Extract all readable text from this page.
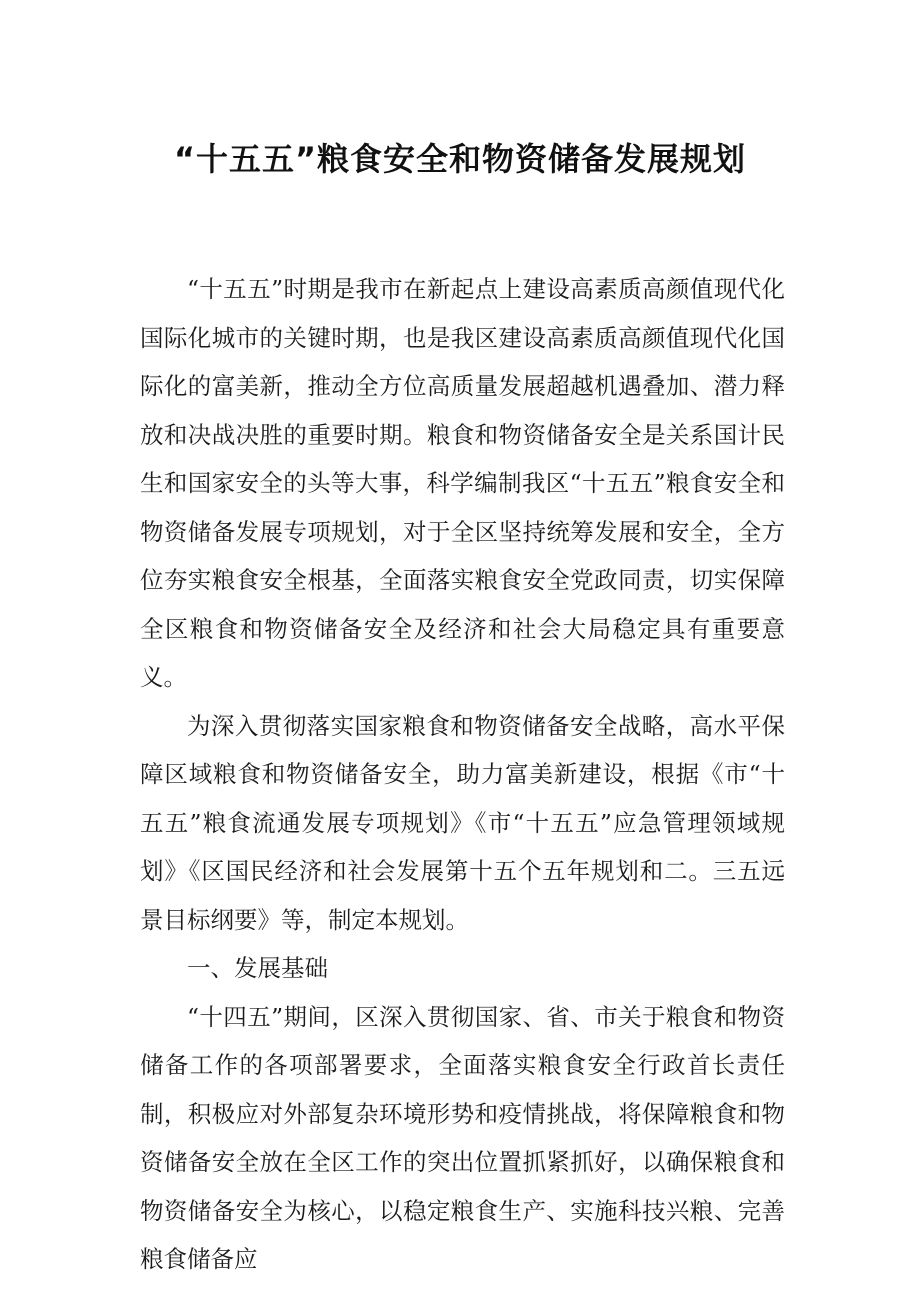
“十五五”粮食安全和物资储备发展规划

“十五五”时期是我市在新起点上建设高素质高颜值现代化国际化城市的关键时期，也是我区建设高素质高颜值现代化国际化的富美新，推动全方位高质量发展超越机遇叠加、潜力释放和决战决胜的重要时期。粮食和物资储备安全是关系国计民生和国家安全的头等大事，科学编制我区“十五五”粮食安全和物资储备发展专项规划，对于全区坚持统筹发展和安全，全方位夯实粮食安全根基，全面落实粮食安全党政同责，切实保障全区粮食和物资储备安全及经济和社会大局稳定具有重要意义。

为深入贯彻落实国家粮食和物资储备安全战略，高水平保障区域粮食和物资储备安全，助力富美新建设，根据《市“十五五”粮食流通发展专项规划》《市“十五五”应急管理领域规划》《区国民经济和社会发展第十五个五年规划和二。三五远景目标纲要》等，制定本规划。

一、发展基础

“十四五”期间，区深入贯彻国家、省、市关于粮食和物资储备工作的各项部署要求，全面落实粮食安全行政首长责任制，积极应对外部复杂环境形势和疫情挑战，将保障粮食和物资储备安全放在全区工作的突出位置抓紧抓好，以确保粮食和物资储备安全为核心，以稳定粮食生产、实施科技兴粮、完善粮食储备应
